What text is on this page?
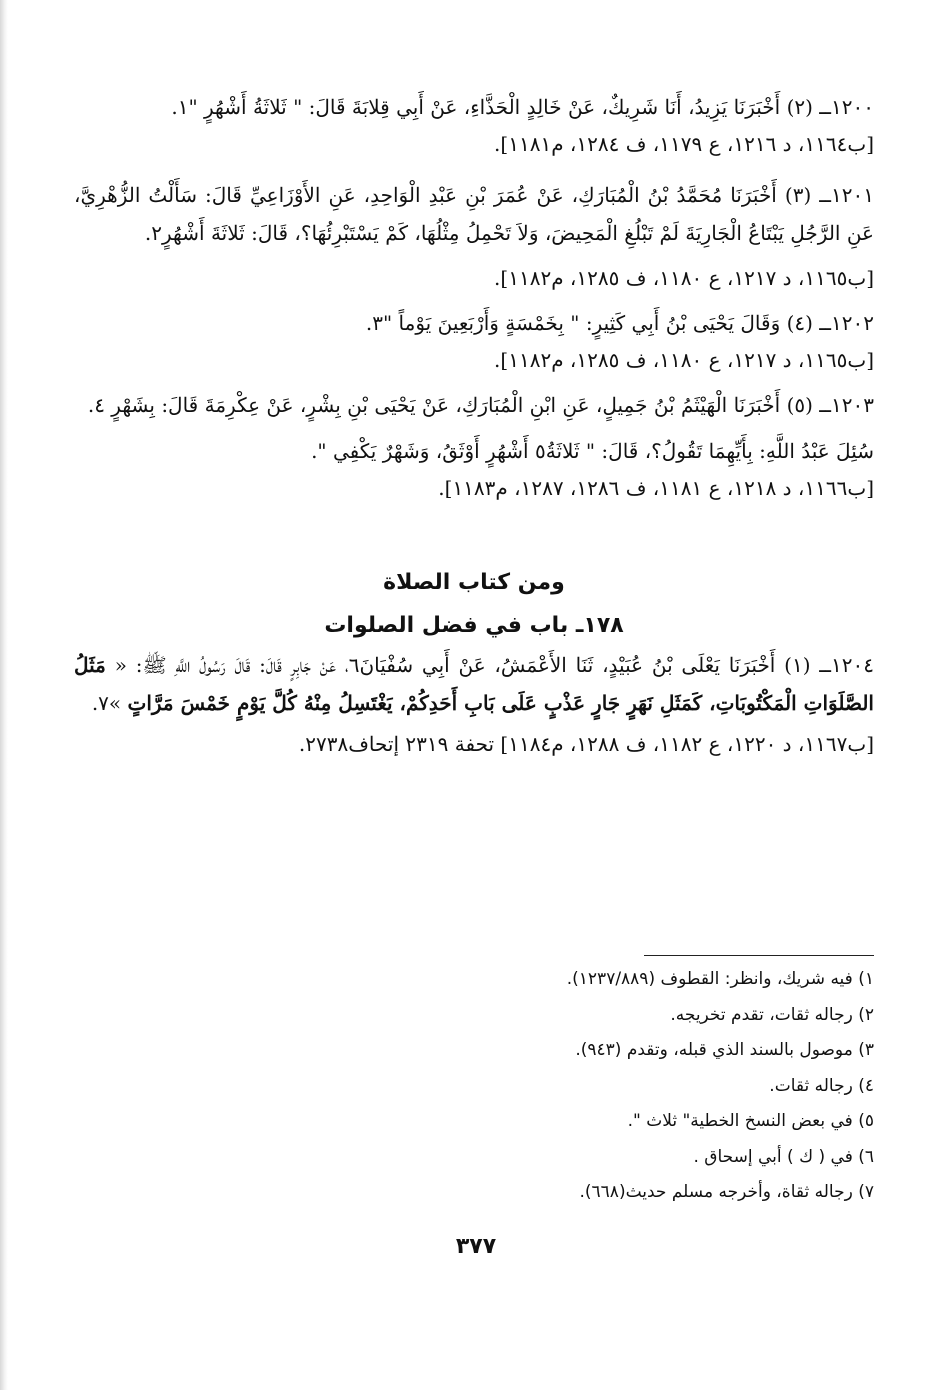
١٢٠٠ــ (٢) أَخْبَرَنَا يَزِيدُ، أَنَا شَرِيكٌ، عَنْ خَالِدٍ الْحَذَّاءِ، عَنْ أَبِي قِلابَةَ قَالَ: " ثَلاثَةُ أَشْهُرٍ "١.

[ب١١٦٤، د ١٢١٦، ع ١١٧٩، ف ١٢٨٤، م١١٨١].

١٢٠١ــ (٣) أَخْبَرَنَا مُحَمَّدُ بْنُ الْمُبَارَكِ، عَنْ عُمَرَ بْنِ عَبْدِ الْوَاحِدِ، عَنِ الأَوْزَاعِيِّ قَالَ: سَأَلْتُ الزُّهْرِيَّ، عَنِ الرَّجُلِ يَبْتَاعُ الْجَارِيَةَ لَمْ تَبْلُغِ الْمَحِيضَ، وَلاَ تَحْمِلُ مِثْلُهَا، كَمْ يَسْتَبْرِئُهَا؟، قَالَ: ثَلاثَةَ أَشْهُرٍ٢.

[ب١١٦٥، د ١٢١٧، ع ١١٨٠، ف ١٢٨٥، م١١٨٢].

١٢٠٢ــ (٤) وَقَالَ يَحْيَى بْنُ أَبِي كَثِيرٍ: " بِخَمْسَةٍ وَأَرْبَعِينَ يَوْماً "٣.

[ب١١٦٥، د ١٢١٧، ع ١١٨٠، ف ١٢٨٥، م١١٨٢].

١٢٠٣ــ (٥) أَخْبَرَنَا الْهَيْثَمُ بْنُ جَمِيلٍ، عَنِ ابْنِ الْمُبَارَكِ، عَنْ يَحْيَى بْنِ بِشْرٍ، عَنْ عِكْرِمَةَ قَالَ: بِشَهْرٍ ٤.

سُئِلَ عَبْدُ اللَّهِ: بِأَيِّهِمَا تَقُولُ؟، قَالَ: " ثَلاثَةُ٥ أَشْهُرٍ أَوْثَقُ، وَشَهْرٌ يَكْفِي ".

[ب١١٦٦، د ١٢١٨، ع ١١٨١، ف ١٢٨٦، ١٢٨٧، م١١٨٣].

ومن كتاب الصلاة
١٧٨ـ باب في فضل الصلوات

١٢٠٤ــ (١) أَخْبَرَنَا يَعْلَى بْنُ عُبَيْدٍ، ثَنَا الأَعْمَشُ، عَنْ أَبِي سُفْيَانَ٦، عَنْ جَابِرٍ قَالَ: قَالَ رَسُولُ اللَّهِ ﷺ: « مَثَلُ الصَّلَوَاتِ الْمَكْتُوبَاتِ، كَمَثَلِ نَهَرٍ جَارٍ عَذْبٍ عَلَى بَابِ أَحَدِكُمْ، يَغْتَسِلُ مِنْهُ كُلَّ يَوْمٍ خَمْسَ مَرَّاتٍ »٧.

[ب١١٦٧، د ١٢٢٠، ع ١١٨٢، ف ١٢٨٨، م١١٨٤] تحفة ٢٣١٩ إتحاف٢٧٣٨.

١) فيه شريك، وانظر: القطوف (١٢٣٧/٨٨٩).

٢) رجاله ثقات، تقدم تخريجه.

٣) موصول بالسند الذي قبله، وتقدم (٩٤٣).

٤) رجاله ثقات.

٥) في بعض النسخ الخطية" ثلاث ".

٦) في ( ك ) أبي إسحاق .

٧) رجاله ثقاة، وأخرجه مسلم حديث(٦٦٨).

٣٧٧
